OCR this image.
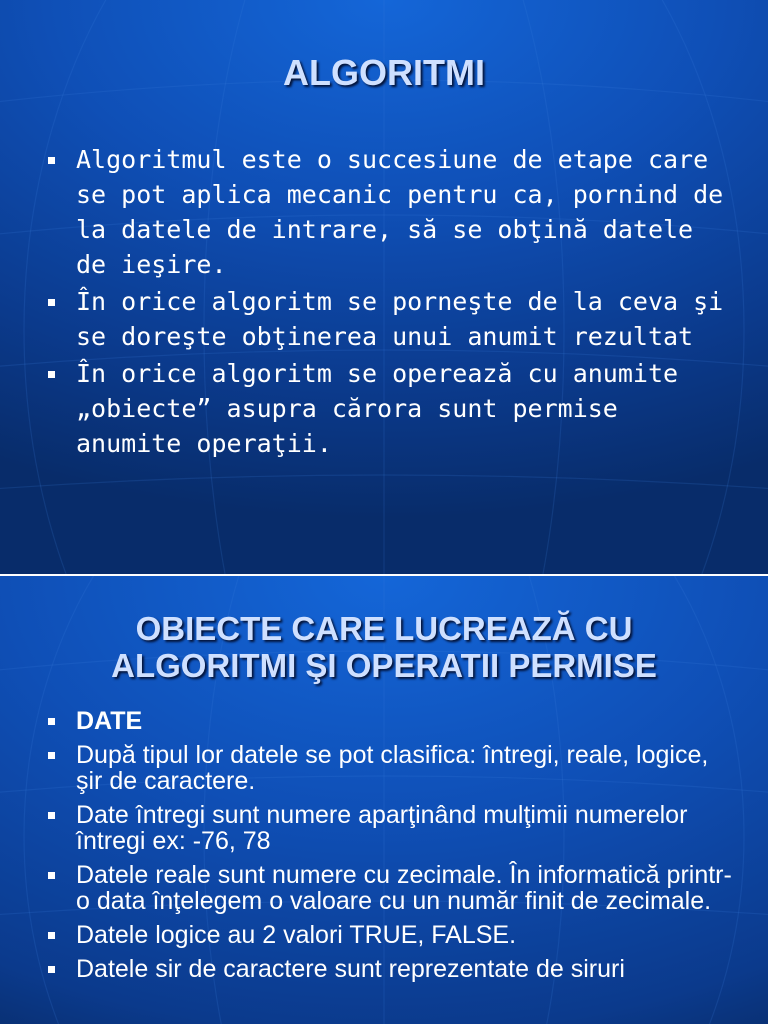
ALGORITMI
Algoritmul este o succesiune de etape care se pot aplica mecanic pentru ca, pornind de la datele de intrare, să se obţină datele de ieşire.
În orice algoritm se porneşte de la ceva şi se doreşte obţinerea unui anumit rezultat
În orice algoritm se operează cu anumite „obiecte” asupra cărora sunt permise anumite operaţii.
OBIECTE CARE LUCREAZĂ CU
ALGORITMI ŞI OPERATII PERMISE
DATE
După tipul lor datele se pot clasifica: întregi, reale, logice, şir de caractere.
Date întregi sunt numere aparţinând mulţimii numerelor întregi ex: -76, 78
Datele reale sunt numere cu zecimale. În informatică printr-o data înţelegem o valoare cu un număr finit de zecimale.
Datele logice au 2 valori TRUE, FALSE.
Datele sir de caractere sunt reprezentate de siruri
